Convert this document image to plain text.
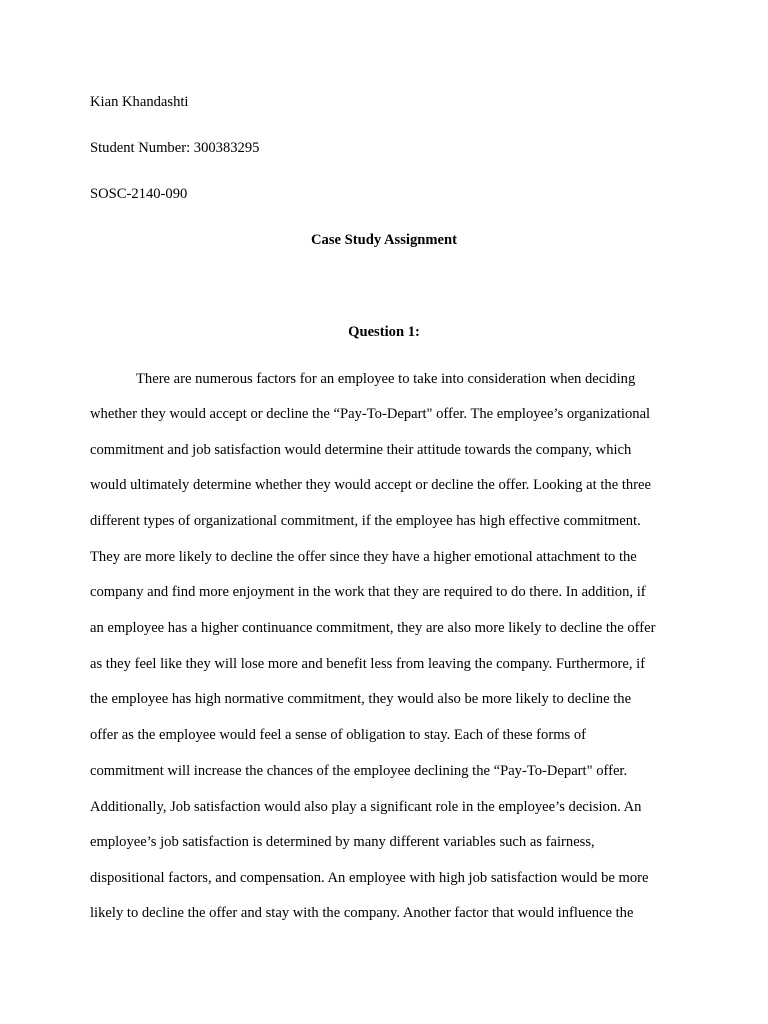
Kian Khandashti
Student Number: 300383295
SOSC-2140-090
Case Study Assignment
Question 1:
There are numerous factors for an employee to take into consideration when deciding
whether they would accept or decline the “Pay-To-Depart" offer. The employee’s organizational
commitment and job satisfaction would determine their attitude towards the company, which
would ultimately determine whether they would accept or decline the offer. Looking at the three
different types of organizational commitment, if the employee has high effective commitment.
They are more likely to decline the offer since they have a higher emotional attachment to the
company and find more enjoyment in the work that they are required to do there. In addition, if
an employee has a higher continuance commitment, they are also more likely to decline the offer
as they feel like they will lose more and benefit less from leaving the company. Furthermore, if
the employee has high normative commitment, they would also be more likely to decline the
offer as the employee would feel a sense of obligation to stay. Each of these forms of
commitment will increase the chances of the employee declining the “Pay-To-Depart" offer.
Additionally, Job satisfaction would also play a significant role in the employee’s decision. An
employee’s job satisfaction is determined by many different variables such as fairness,
dispositional factors, and compensation. An employee with high job satisfaction would be more
likely to decline the offer and stay with the company. Another factor that would influence the
